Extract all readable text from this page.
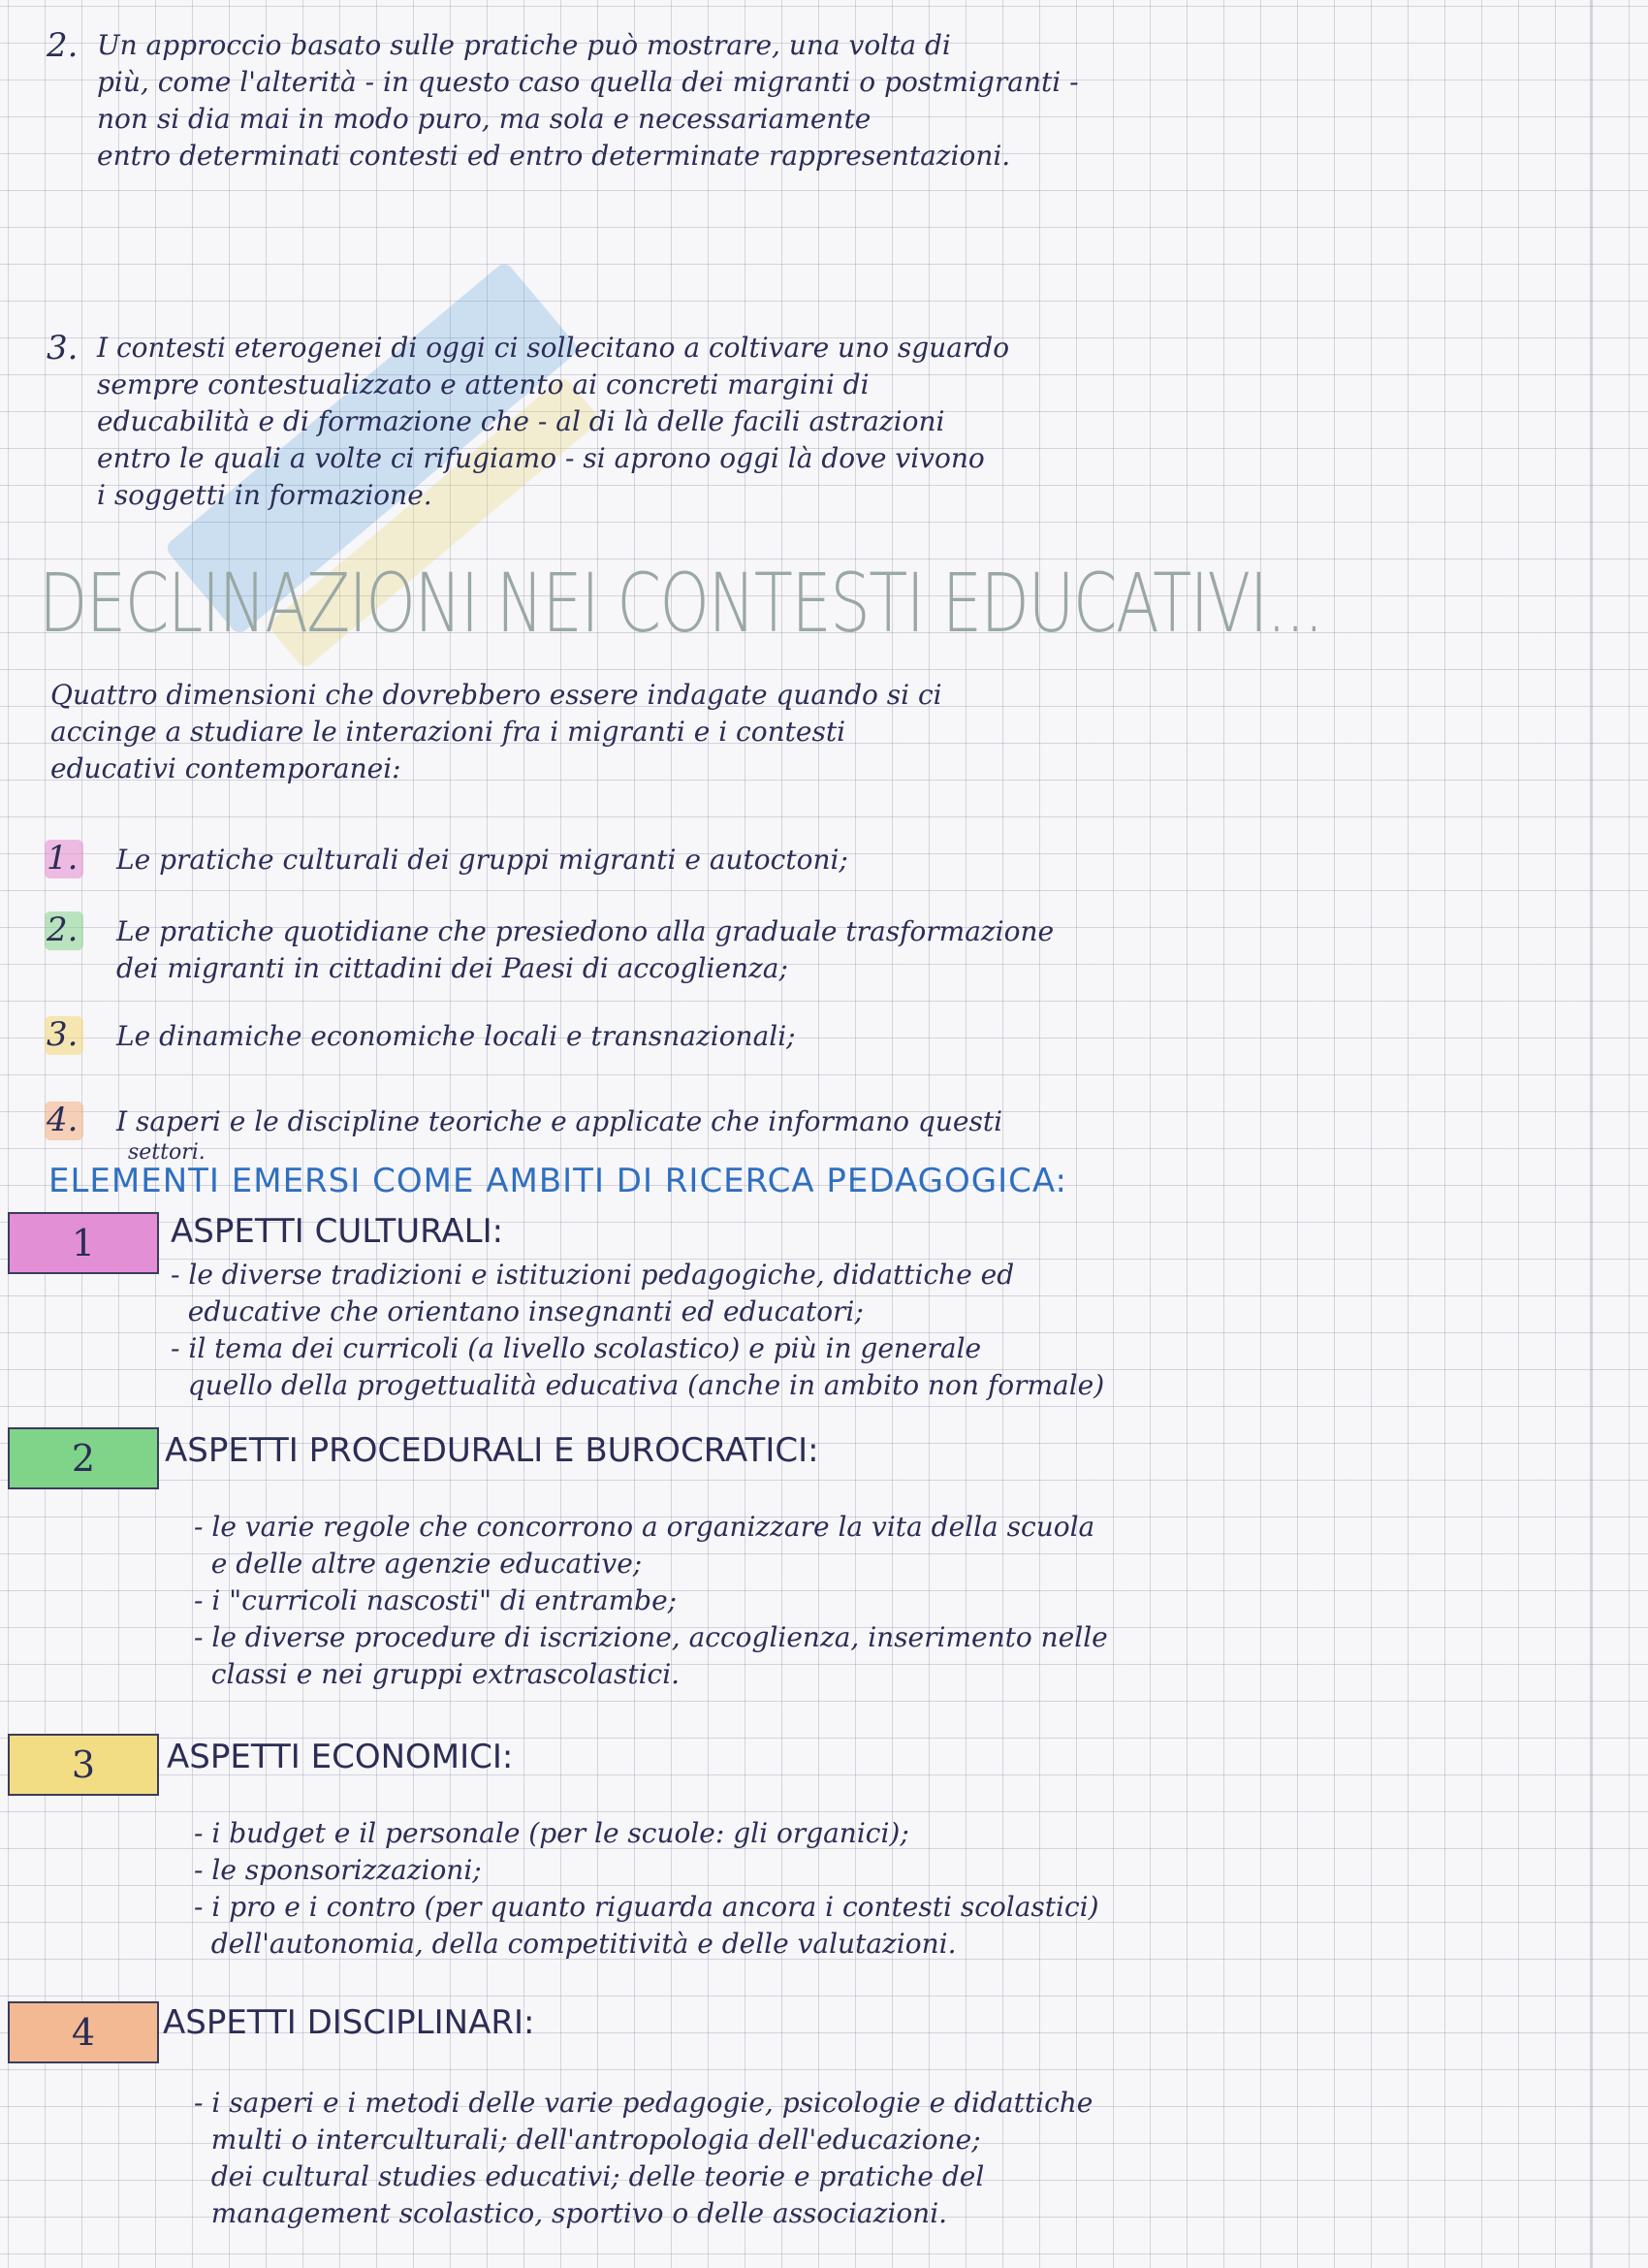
2. Un approccio basato sulle pratiche può mostrare, una volta di
più, come l'alterità - in questo caso quella dei migranti o postmigranti -
non si dia mai in modo puro, ma sola e necessariamente
entro determinati contesti ed entro determinate rappresentazioni.
3. I contesti eterogenei di oggi ci sollecitano a coltivare uno sguardo
sempre contestualizzato e attento ai concreti margini di
educabilità e di formazione che - al di là delle facili astrazioni
entro le quali a volte ci rifugiamo - si aprono oggi là dove vivono
i soggetti in formazione.
DECLINAZIONI NEI CONTESTI EDUCATIVI...
Quattro dimensioni che dovrebbero essere indagate quando si ci
accinge a studiare le interazioni fra i migranti e i contesti
educativi contemporanei:
1. Le pratiche culturali dei gruppi migranti e autoctoni;
2. Le pratiche quotidiane che presiedono alla graduale trasformazione
dei migranti in cittadini dei Paesi di accoglienza;
3. Le dinamiche economiche locali e transnazionali;
4. I saperi e le discipline teoriche e applicate che informano questi
settori.
ELEMENTI EMERSI COME AMBITI DI RICERCA PEDAGOGICA:
1	ASPETTI CULTURALI:
- le diverse tradizioni e istituzioni pedagogiche, didattiche ed
educative che orientano insegnanti ed educatori;
- il tema dei curricoli (a livello scolastico) e più in generale
quello della progettualità educativa (anche in ambito non formale)
2	ASPETTI PROCEDURALI E BUROCRATICI:
- le varie regole che concorrono a organizzare la vita della scuola
e delle altre agenzie educative;
- i "curricoli nascosti" di entrambe;
- le diverse procedure di iscrizione, accoglienza, inserimento nelle
classi e nei gruppi extrascolastici.
3	ASPETTI ECONOMICI:
- i budget e il personale (per le scuole: gli organici);
- le sponsorizzazioni;
- i pro e i contro (per quanto riguarda ancora i contesti scolastici)
dell'autonomia, della competitività e delle valutazioni.
4	ASPETTI DISCIPLINARI:
- i saperi e i metodi delle varie pedagogie, psicologie e didattiche
multi o interculturali; dell'antropologia dell'educazione;
dei cultural studies educativi; delle teorie e pratiche del
management scolastico, sportivo o delle associazioni.
